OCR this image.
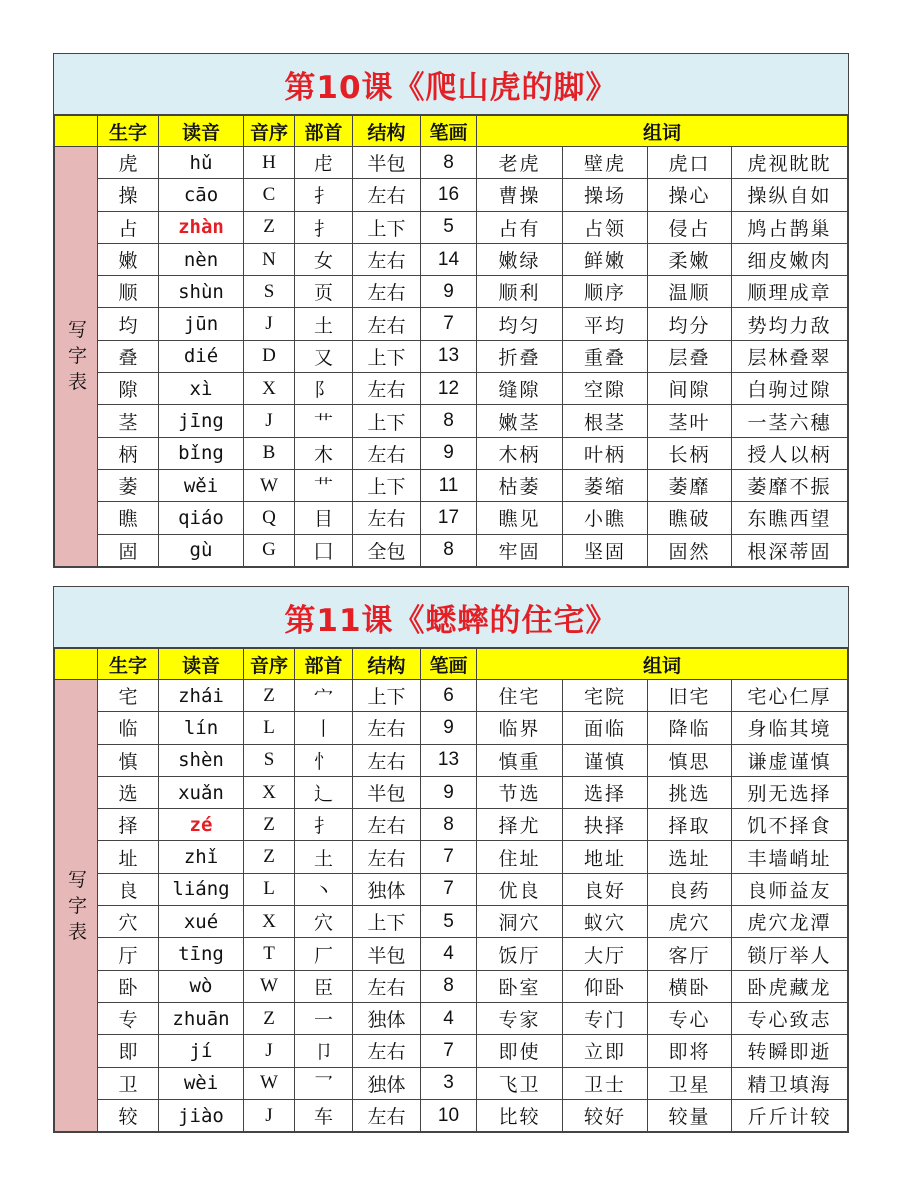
第10课《爬山虎的脚》
	生字	读音	音序	部首	结构	笔画	组词			
写字表	虎	hǔ	H	虍	半包	8	老虎	壁虎	虎口	虎视眈眈
	操	cāo	C	扌	左右	16	曹操	操场	操心	操纵自如
	占	zhàn	Z	扌	上下	5	占有	占领	侵占	鸠占鹊巢
	嫩	nèn	N	女	左右	14	嫩绿	鲜嫩	柔嫩	细皮嫩肉
	顺	shùn	S	页	左右	9	顺利	顺序	温顺	顺理成章
	均	jūn	J	土	左右	7	均匀	平均	均分	势均力敌
	叠	dié	D	又	上下	13	折叠	重叠	层叠	层林叠翠
	隙	xì	X	阝	左右	12	缝隙	空隙	间隙	白驹过隙
	茎	jīng	J	艹	上下	8	嫩茎	根茎	茎叶	一茎六穗
	柄	bǐng	B	木	左右	9	木柄	叶柄	长柄	授人以柄
	萎	wěi	W	艹	上下	11	枯萎	萎缩	萎靡	萎靡不振
	瞧	qiáo	Q	目	左右	17	瞧见	小瞧	瞧破	东瞧西望
	固	gù	G	囗	全包	8	牢固	坚固	固然	根深蒂固
第11课《蟋蟀的住宅》
	生字	读音	音序	部首	结构	笔画	组词			
写字表	宅	zhái	Z	宀	上下	6	住宅	宅院	旧宅	宅心仁厚
	临	lín	L	丨	左右	9	临界	面临	降临	身临其境
	慎	shèn	S	忄	左右	13	慎重	谨慎	慎思	谦虚谨慎
	选	xuǎn	X	辶	半包	9	节选	选择	挑选	别无选择
	择	zé	Z	扌	左右	8	择尤	抉择	择取	饥不择食
	址	zhǐ	Z	土	左右	7	住址	地址	选址	丰墙峭址
	良	liáng	L	丶	独体	7	优良	良好	良药	良师益友
	穴	xué	X	穴	上下	5	洞穴	蚁穴	虎穴	虎穴龙潭
	厅	tīng	T	厂	半包	4	饭厅	大厅	客厅	锁厅举人
	卧	wò	W	臣	左右	8	卧室	仰卧	横卧	卧虎藏龙
	专	zhuān	Z	一	独体	4	专家	专门	专心	专心致志
	即	jí	J	卩	左右	7	即使	立即	即将	转瞬即逝
	卫	wèi	W	乛	独体	3	飞卫	卫士	卫星	精卫填海
	较	jiào	J	车	左右	10	比较	较好	较量	斤斤计较
